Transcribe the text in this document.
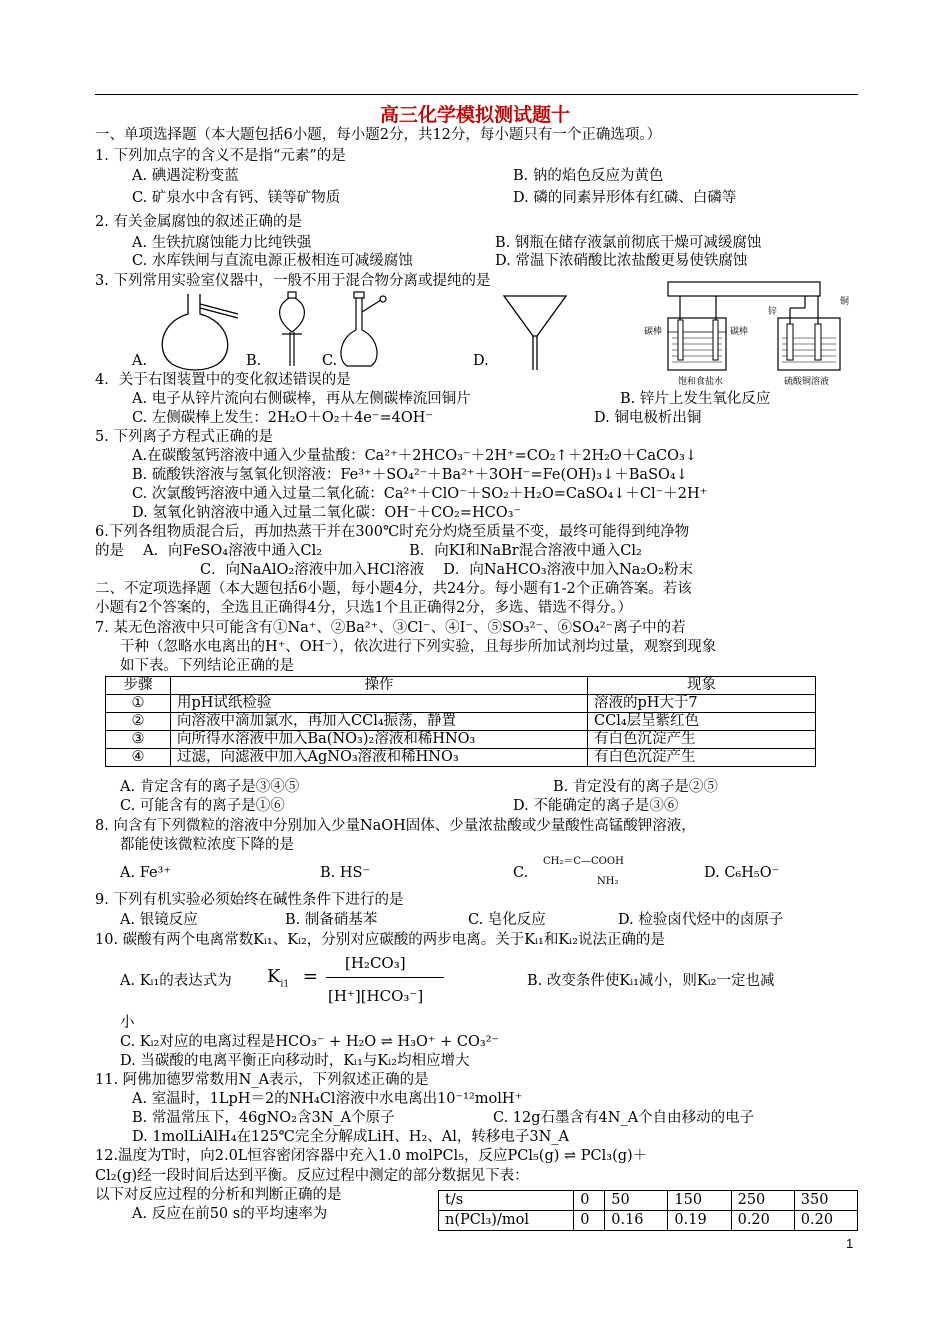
高三化学模拟测试题十
一、单项选择题（本大题包括6小题，每小题2分，共12分，每小题只有一个正确选项。）
1. 下列加点字的含义不是指“元素”的是
A. 碘遇淀粉变蓝	B. 钠的焰色反应为黄色
C. 矿泉水中含有钙、镁等矿物质	D. 磷的同素异形体有红磷、白磷等
2. 有关金属腐蚀的叙述正确的是
A. 生铁抗腐蚀能力比纯铁强	B. 钢瓶在储存液氯前彻底干燥可减缓腐蚀
C. 水库铁闸与直流电源正极相连可减缓腐蚀	D. 常温下浓硝酸比浓盐酸更易使铁腐蚀
3. 下列常用实验室仪器中，一般不用于混合物分离或提纯的是
A.	B.	C.	D.
锌
铜
碳棒	碳棒
饱和食盐水	硫酸铜溶液
4．关于右图装置中的变化叙述错误的是
A. 电子从锌片流向右侧碳棒，再从左侧碳棒流回铜片	B. 锌片上发生氧化反应
C. 左侧碳棒上发生：2H₂O＋O₂＋4e⁻=4OH⁻	D. 铜电极析出铜
5. 下列离子方程式正确的是
A.在碳酸氢钙溶液中通入少量盐酸：Ca²⁺＋2HCO₃⁻＋2H⁺=CO₂↑＋2H₂O＋CaCO₃↓
B. 硫酸铁溶液与氢氧化钡溶液：Fe³⁺＋SO₄²⁻＋Ba²⁺＋3OH⁻=Fe(OH)₃↓＋BaSO₄↓
C. 次氯酸钙溶液中通入过量二氧化硫：Ca²⁺＋ClO⁻＋SO₂＋H₂O=CaSO₄↓＋Cl⁻＋2H⁺
D. 氢氧化钠溶液中通入过量二氧化碳：OH⁻＋CO₂=HCO₃⁻
6.下列各组物质混合后，再加热蒸干并在300℃时充分灼烧至质量不变，最终可能得到纯净物
的是　 A．向FeSO₄溶液中通入Cl₂　　　　　　B．向KI和NaBr混合溶液中通入Cl₂
C．向NaAlO₂溶液中加入HCl溶液　 D．向NaHCO₃溶液中加入Na₂O₂粉末
二、不定项选择题（本大题包括6小题，每小题4分，共24分。每小题有1-2个正确答案。若该
小题有2个答案的，全选且正确得4分，只选1个且正确得2分，多选、错选不得分。）
7. 某无色溶液中只可能含有①Na⁺、②Ba²⁺、③Cl⁻、④I⁻、⑤SO₃²⁻、⑥SO₄²⁻离子中的若
干种（忽略水电离出的H⁺、OH⁻），依次进行下列实验，且每步所加试剂均过量，观察到现象
如下表。下列结论正确的是
步骤	操作	现象
①	用pH试纸检验	溶液的pH大于7
②	向溶液中滴加氯水，再加入CCl₄振荡，静置	CCl₄层呈紫红色
③	向所得水溶液中加入Ba(NO₃)₂溶液和稀HNO₃	有白色沉淀产生
④	过滤，向滤液中加入AgNO₃溶液和稀HNO₃	有白色沉淀产生
A. 肯定含有的离子是③④⑤	B. 肯定没有的离子是②⑤
C. 可能含有的离子是①⑥	D. 不能确定的离子是③⑥
8. 向含有下列微粒的溶液中分别加入少量NaOH固体、少量浓盐酸或少量酸性高锰酸钾溶液，
都能使该微粒浓度下降的是
A. Fe³⁺	B. HS⁻	C.
CH₂＝C—COOH
NH₂
D. C₆H₅O⁻
9. 下列有机实验必须始终在碱性条件下进行的是
A. 银镜反应	B. 制备硝基苯	C. 皂化反应	D. 检验卤代烃中的卤原子
10. 碳酸有两个电离常数Kᵢ₁、Kᵢ₂，分别对应碳酸的两步电离。关于Kᵢ₁和Kᵢ₂说法正确的是
A. Kᵢ₁的表达式为 $K_{i1}$ =
[H₂CO₃]
[H⁺][HCO₃⁻]
B. 改变条件使Kᵢ₁减小，则Kᵢ₂一定也减
小
C. Kᵢ₂对应的电离过程是HCO₃⁻ + H₂O ⇌ H₃O⁺ + CO₃²⁻
D. 当碳酸的电离平衡正向移动时，Kᵢ₁与Kᵢ₂均相应增大
11. 阿佛加德罗常数用N_A表示，下列叙述正确的是
A. 室温时，1LpH＝2的NH₄Cl溶液中水电离出10⁻¹²molH⁺
B. 常温常压下，46gNO₂含3N_A个原子	C. 12g石墨含有4N_A个自由移动的电子
D. 1molLiAlH₄在125℃完全分解成LiH、H₂、Al，转移电子3N_A
12.温度为T时，向2.0L恒容密闭容器中充入1.0 molPCl₅，反应PCl₅(g) ⇌ PCl₃(g)＋
Cl₂(g)经一段时间后达到平衡。反应过程中测定的部分数据见下表：
以下对反应过程的分析和判断正确的是
A. 反应在前50 s的平均速率为
t/s	0	50	150	250	350
n(PCl₃)/mol	0	0.16	0.19	0.20	0.20
1
